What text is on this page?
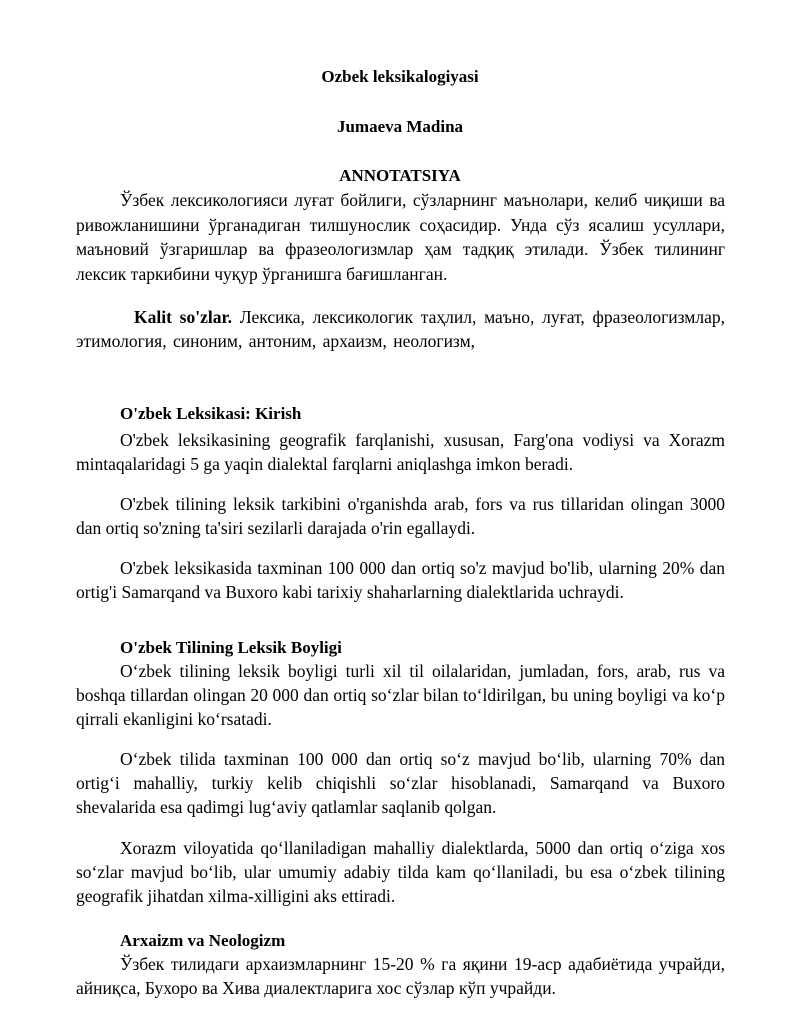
Ozbek leksikalogiyasi
Jumaeva Madina
ANNOTATSIYA
Ўзбек лексикологияси луғат бойлиги, сўзларнинг маънолари, келиб чиқиши ва ривожланишини ўрганадиган тилшунослик соҳасидир. Унда сўз ясалиш усуллари, маъновий ўзгаришлар ва фразеологизмлар ҳам тадқиқ этилади. Ўзбек тилининг лексик таркибини чуқур ўрганишга бағишланган.
Kalit so'zlar. Лексика, лексикологик таҳлил, маъно, луғат, фразеологизмлар, этимология, синоним, антоним, архаизм, неологизм,
O'zbek Leksikasi: Kirish
O'zbek leksikasining geografik farqlanishi, xususan, Farg'ona vodiysi va Xorazm mintaqalaridagi 5 ga yaqin dialektal farqlarni aniqlashga imkon beradi.
O'zbek tilining leksik tarkibini o'rganishda arab, fors va rus tillaridan olingan 3000 dan ortiq so'zning ta'siri sezilarli darajada o'rin egallaydi.
O'zbek leksikasida taxminan 100 000 dan ortiq so'z mavjud bo'lib, ularning 20% dan ortig'i Samarqand va Buxoro kabi tarixiy shaharlarning dialektlarida uchraydi.
O'zbek Tilining Leksik Boyligi
O‘zbek tilining leksik boyligi turli xil til oilalaridan, jumladan, fors, arab, rus va boshqa tillardan olingan 20 000 dan ortiq so‘zlar bilan to‘ldirilgan, bu uning boyligi va ko‘p qirrali ekanligini ko‘rsatadi.
O‘zbek tilida taxminan 100 000 dan ortiq so‘z mavjud bo‘lib, ularning 70% dan ortig‘i mahalliy, turkiy kelib chiqishli so‘zlar hisoblanadi, Samarqand va Buxoro shevalarida esa qadimgi lug‘aviy qatlamlar saqlanib qolgan.
Xorazm viloyatida qo‘llaniladigan mahalliy dialektlarda, 5000 dan ortiq o‘ziga xos so‘zlar mavjud bo‘lib, ular umumiy adabiy tilda kam qo‘llaniladi, bu esa o‘zbek tilining geografik jihatdan xilma-xilligini aks ettiradi.
Arxaizm va Neologizm
Ўзбек тилидаги архаизмларнинг 15-20 % га яқини 19-аср адабиётида учрайди, айниқса, Бухоро ва Хива диалектларига хос сўзлар кўп учрайди.
